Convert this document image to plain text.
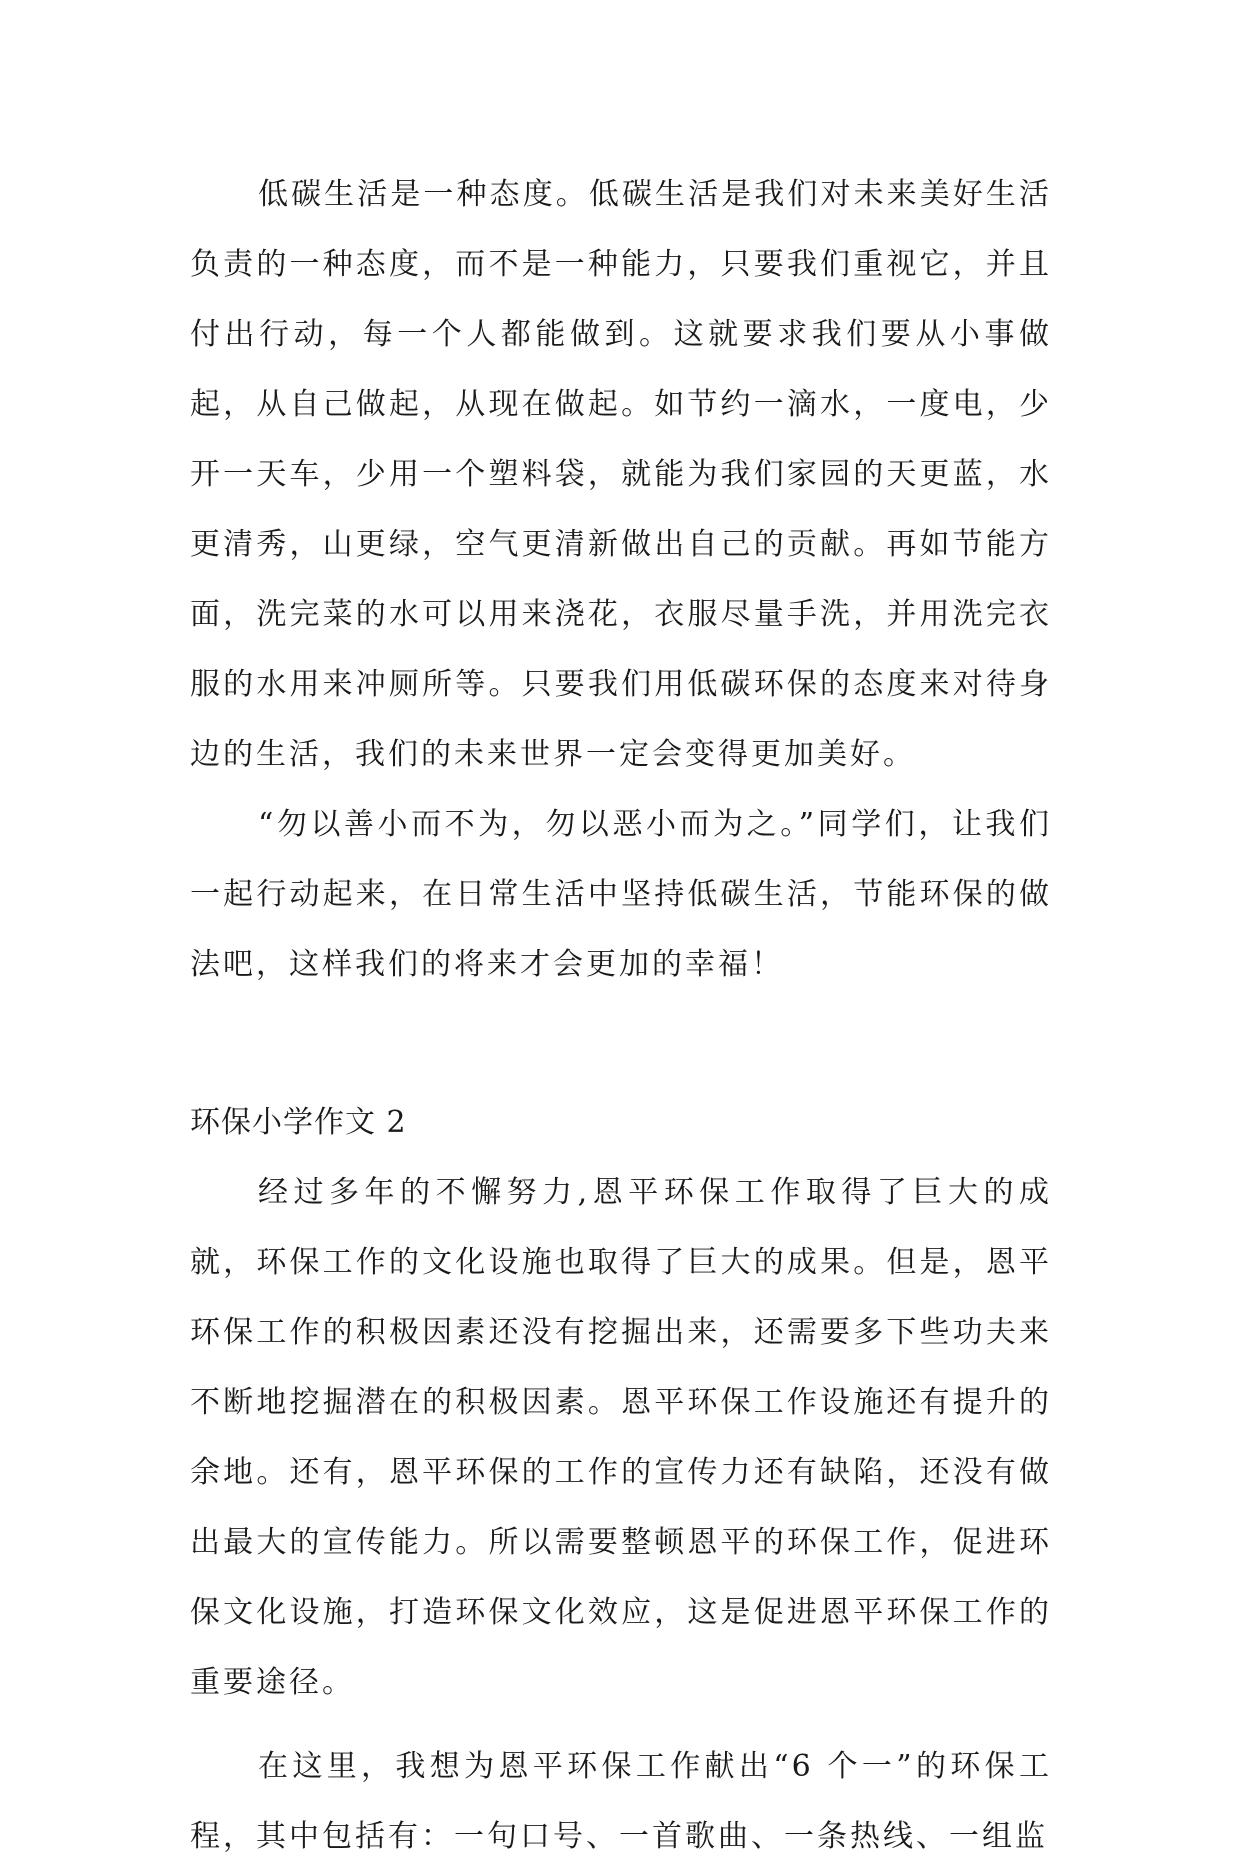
低碳生活是一种态度。低碳生活是我们对未来美好生活负责的一种态度，而不是一种能力，只要我们重视它，并且付出行动，每一个人都能做到。这就要求我们要从小事做起，从自己做起，从现在做起。如节约一滴水，一度电，少开一天车，少用一个塑料袋，就能为我们家园的天更蓝，水更清秀，山更绿，空气更清新做出自己的贡献。再如节能方面，洗完菜的水可以用来浇花，衣服尽量手洗，并用洗完衣服的水用来冲厕所等。只要我们用低碳环保的态度来对待身边的生活，我们的未来世界一定会变得更加美好。

“勿以善小而不为，勿以恶小而为之。”同学们，让我们一起行动起来，在日常生活中坚持低碳生活，节能环保的做法吧，这样我们的将来才会更加的幸福！

环保小学作文 2

经过多年的不懈努力,恩平环保工作取得了巨大的成就，环保工作的文化设施也取得了巨大的成果。但是，恩平环保工作的积极因素还没有挖掘出来，还需要多下些功夫来不断地挖掘潜在的积极因素。恩平环保工作设施还有提升的余地。还有，恩平环保的工作的宣传力还有缺陷，还没有做出最大的宣传能力。所以需要整顿恩平的环保工作，促进环保文化设施，打造环保文化效应，这是促进恩平环保工作的重要途径。

在这里，我想为恩平环保工作献出“6 个一”的环保工程，其中包括有：一句口号、一首歌曲、一条热线、一组监
